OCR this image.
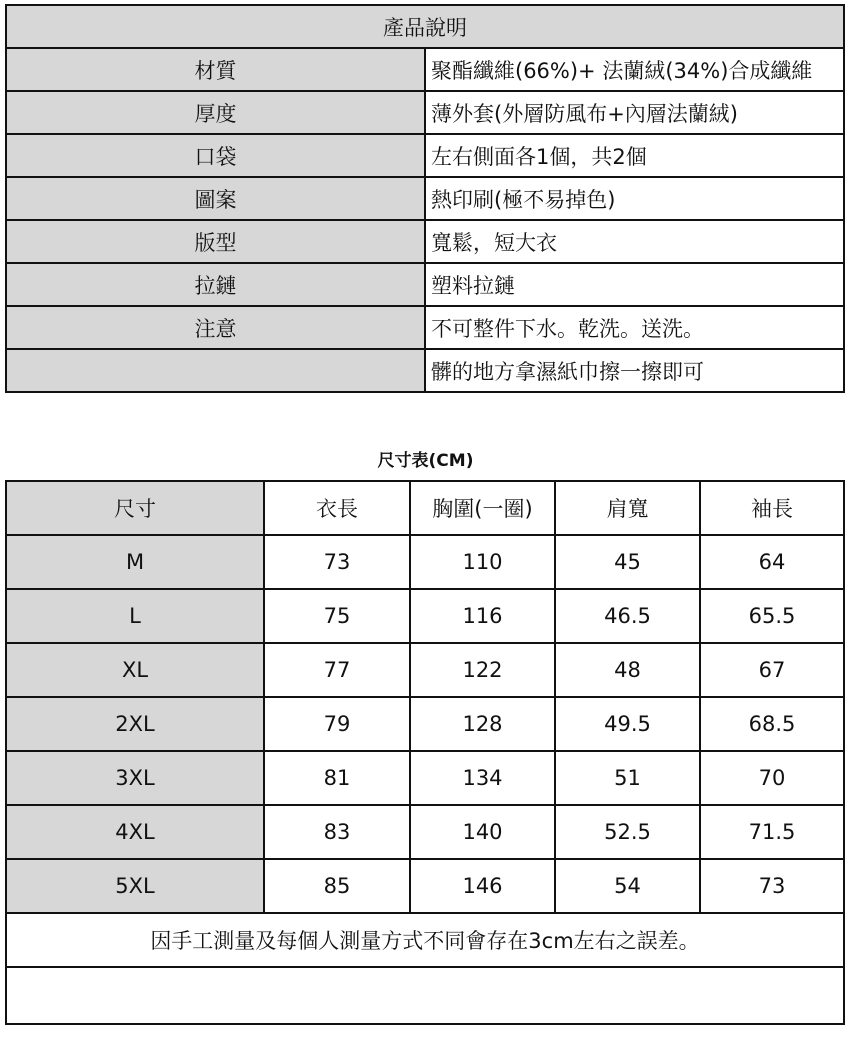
產品說明	
材質	聚酯纖維(66%)+ 法蘭絨(34%)合成纖維
厚度	薄外套(外層防風布+內層法蘭絨)
口袋	左右側面各1個，共2個
圖案	熱印刷(極不易掉色)
版型	寬鬆，短大衣
拉鏈	塑料拉鏈
注意	不可整件下水。乾洗。送洗。
	髒的地方拿濕紙巾擦一擦即可
尺寸表(CM)
尺寸	衣長	胸圍(一圈)	肩寬	袖長
M	73	110	45	64
L	75	116	46.5	65.5
XL	77	122	48	67
2XL	79	128	49.5	68.5
3XL	81	134	51	70
4XL	83	140	52.5	71.5
5XL	85	146	54	73
因手工測量及每個人測量方式不同會存在3cm左右之誤差。				
